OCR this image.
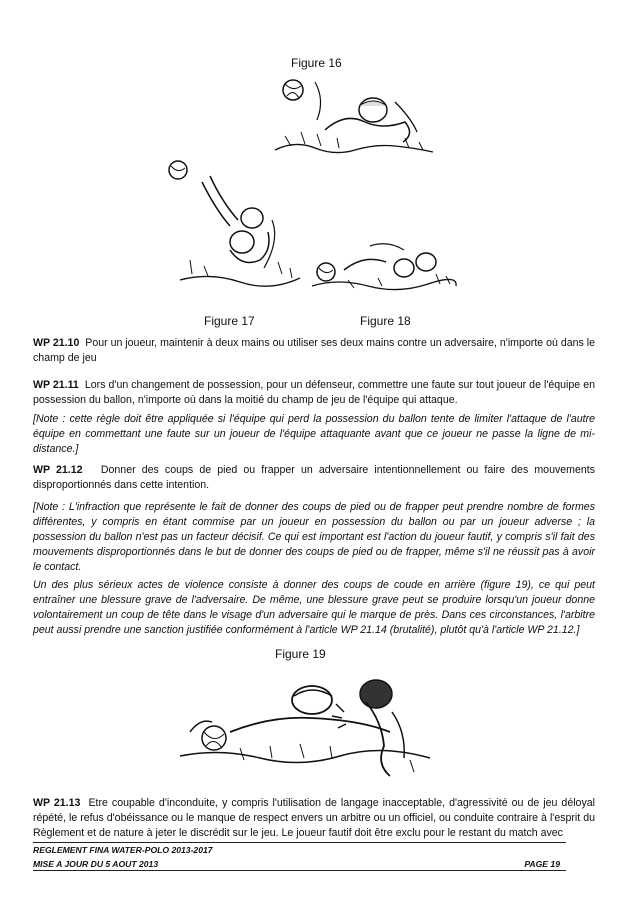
Figure 16
Figure 17	Figure 18
WP 21.10 Pour un joueur, maintenir à deux mains ou utiliser ses deux mains contre un adversaire, n'importe où dans le champ de jeu
WP 21.11 Lors d'un changement de possession, pour un défenseur, commettre une faute sur tout joueur de l'équipe en possession du ballon, n'importe où dans la moitié du champ de jeu de l'équipe qui attaque.
[Note : cette règle doit être appliquée si l'équipe qui perd la possession du ballon tente de limiter l'attaque de l'autre équipe en commettant une faute sur un joueur de l'équipe attaquante avant que ce joueur ne passe la ligne de mi-distance.]
WP 21.12 Donner des coups de pied ou frapper un adversaire intentionnellement ou faire des mouvements disproportionnés dans cette intention.
[Note : L'infraction que représente le fait de donner des coups de pied ou de frapper peut prendre nombre de formes différentes, y compris en étant commise par un joueur en possession du ballon ou par un joueur adverse ; la possession du ballon n'est pas un facteur décisif. Ce qui est important est l'action du joueur fautif, y compris s'il fait des mouvements disproportionnés dans le but de donner des coups de pied ou de frapper, même s'il ne réussit pas à avoir le contact.
Un des plus sérieux actes de violence consiste à donner des coups de coude en arrière (figure 19), ce qui peut entraîner une blessure grave de l'adversaire. De même, une blessure grave peut se produire lorsqu'un joueur donne volontairement un coup de tête dans le visage d'un adversaire qui le marque de près. Dans ces circonstances, l'arbitre peut aussi prendre une sanction justifiée conformément à l'article WP 21.14 (brutalité), plutôt qu'à l'article WP 21.12.]
Figure 19
WP 21.13 Etre coupable d'inconduite, y compris l'utilisation de langage inacceptable, d'agressivité ou de jeu déloyal répété, le refus d'obéissance ou le manque de respect envers un arbitre ou un officiel, ou conduite contraire à l'esprit du Règlement et de nature à jeter le discrédit sur le jeu. Le joueur fautif doit être exclu pour le restant du match avec
REGLEMENT FINA WATER-POLO 2013-2017
MISE A JOUR DU 5 AOUT 2013	PAGE 19
